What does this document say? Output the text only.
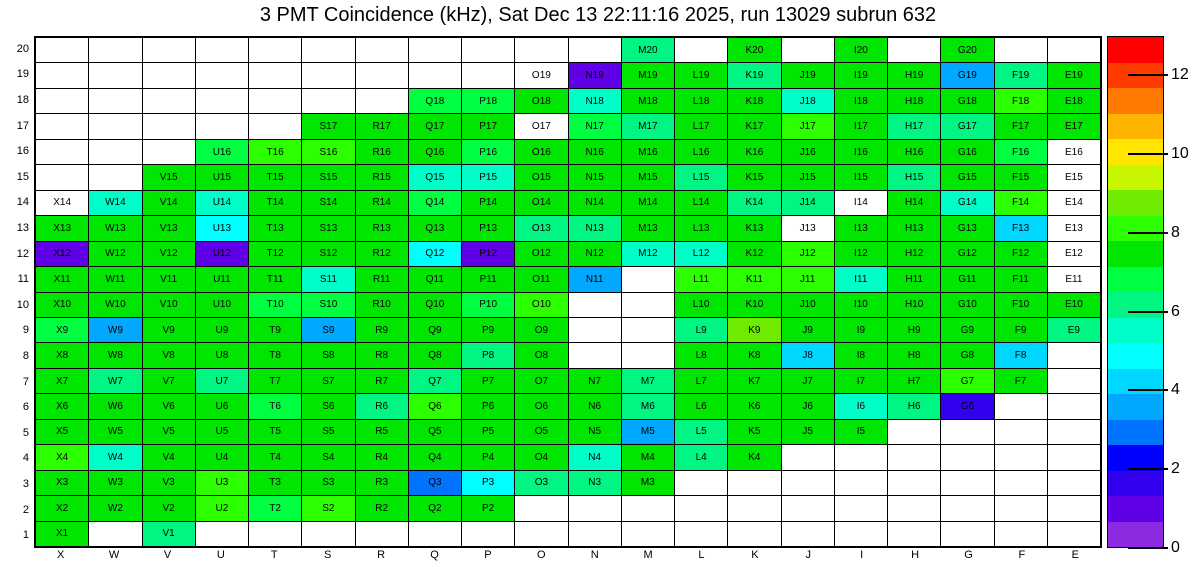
3 PMT Coincidence (kHz), Sat Dec 13 22:11:16 2025, run 13029 subrun 632
M20	K20	I20	G20
O19	N19	M19	L19	K19	J19	I19	H19	G19	F19	E19
Q18	P18	O18	N18	M18	L18	K18	J18	I18	H18	G18	F18	E18
S17	R17	Q17	P17	O17	N17	M17	L17	K17	J17	I17	H17	G17	F17	E17
U16	T16	S16	R16	Q16	P16	O16	N16	M16	L16	K16	J16	I16	H16	G16	F16	E16
V15	U15	T15	S15	R15	Q15	P15	O15	N15	M15	L15	K15	J15	I15	H15	G15	F15	E15
X14	W14	V14	U14	T14	S14	R14	Q14	P14	O14	N14	M14	L14	K14	J14	I14	H14	G14	F14	E14
X13	W13	V13	U13	T13	S13	R13	Q13	P13	O13	N13	M13	L13	K13	J13	I13	H13	G13	F13	E13
X12	W12	V12	U12	T12	S12	R12	Q12	P12	O12	N12	M12	L12	K12	J12	I12	H12	G12	F12	E12
X11	W11	V11	U11	T11	S11	R11	Q11	P11	O11	N11	L11	K11	J11	I11	H11	G11	F11	E11
X10	W10	V10	U10	T10	S10	R10	Q10	P10	O10	L10	K10	J10	I10	H10	G10	F10	E10
X9	W9	V9	U9	T9	S9	R9	Q9	P9	O9	L9	K9	J9	I9	H9	G9	F9	E9
X8	W8	V8	U8	T8	S8	R8	Q8	P8	O8	L8	K8	J8	I8	H8	G8	F8
X7	W7	V7	U7	T7	S7	R7	Q7	P7	O7	N7	M7	L7	K7	J7	I7	H7	G7	F7
X6	W6	V6	U6	T6	S6	R6	Q6	P6	O6	N6	M6	L6	K6	J6	I6	H6	G6
X5	W5	V5	U5	T5	S5	R5	Q5	P5	O5	N5	M5	L5	K5	J5	I5
X4	W4	V4	U4	T4	S4	R4	Q4	P4	O4	N4	M4	L4	K4
X3	W3	V3	U3	T3	S3	R3	Q3	P3	O3	N3	M3
X2	W2	V2	U2	T2	S2	R2	Q2	P2
X1	V1
20
19
18
17
16
15
14
13
12
11
10
9
8
7
6
5
4
3
2
1
X	W	V	U	T	S	R	Q	P	O	N	M	L	K	J	I	H	G	F	E
12
10
8
6
4
2
0
